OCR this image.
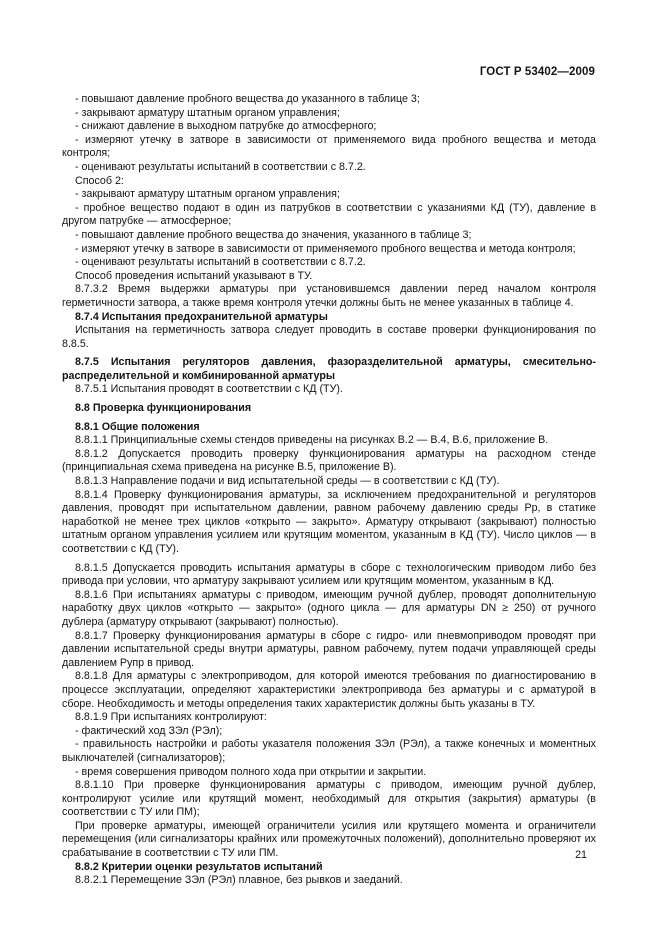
ГОСТ Р 53402—2009

- повышают давление пробного вещества до указанного в таблице 3;

- закрывают арматуру штатным органом управления;

- снижают давление в выходном патрубке до атмосферного;

- измеряют утечку в затворе в зависимости от применяемого вида пробного вещества и метода контроля;

- оценивают результаты испытаний в соответствии с 8.7.2.

Способ 2:

- закрывают арматуру штатным органом управления;

- пробное вещество подают в один из патрубков в соответствии с указаниями КД (ТУ), давление в другом патрубке — атмосферное;

- повышают давление пробного вещества до значения, указанного в таблице 3;

- измеряют утечку в затворе в зависимости от применяемого пробного вещества и метода контроля;

- оценивают результаты испытаний в соответствии с 8.7.2.

Способ проведения испытаний указывают в ТУ.

8.7.3.2 Время выдержки арматуры при установившемся давлении перед началом контроля герметичности затвора, а также время контроля утечки должны быть не менее указанных в таблице 4.

8.7.4 Испытания предохранительной арматуры

Испытания на герметичность затвора следует проводить в составе проверки функционирования по 8.8.5.

8.7.5 Испытания регуляторов давления, фазоразделительной арматуры, смесительно-распределительной и комбинированной арматуры

8.7.5.1 Испытания проводят в соответствии с КД (ТУ).

8.8 Проверка функционирования

8.8.1 Общие положения

8.8.1.1 Принципиальные схемы стендов приведены на рисунках В.2 — В.4, В.6, приложение В.

8.8.1.2 Допускается проводить проверку функционирования арматуры на расходном стенде (принципиальная схема приведена на рисунке В.5, приложение В).

8.8.1.3 Направление подачи и вид испытательной среды — в соответствии с КД (ТУ).

8.8.1.4 Проверку функционирования арматуры, за исключением предохранительной и регуляторов давления, проводят при испытательном давлении, равном рабочему давлению среды Pр, в статике наработкой не менее трех циклов «открыто — закрыто». Арматуру открывают (закрывают) полностью штатным органом управления усилием или крутящим моментом, указанным в КД (ТУ). Число циклов — в соответствии с КД (ТУ).

8.8.1.5 Допускается проводить испытания арматуры в сборе с технологическим приводом либо без привода при условии, что арматуру закрывают усилием или крутящим моментом, указанным в КД.

8.8.1.6 При испытаниях арматуры с приводом, имеющим ручной дублер, проводят дополнительную наработку двух циклов «открыто — закрыто» (одного цикла — для арматуры DN ≥ 250) от ручного дублера (арматуру открывают (закрывают) полностью).

8.8.1.7 Проверку функционирования арматуры в сборе с гидро- или пневмоприводом проводят при давлении испытательной среды внутри арматуры, равном рабочему, путем подачи управляющей среды давлением Pупр в привод.

8.8.1.8 Для арматуры с электроприводом, для которой имеются требования по диагностированию в процессе эксплуатации, определяют характеристики электропривода без арматуры и с арматурой в сборе. Необходимость и методы определения таких характеристик должны быть указаны в ТУ.

8.8.1.9 При испытаниях контролируют:

- фактический ход ЗЭл (РЭл);

- правильность настройки и работы указателя положения ЗЭл (РЭл), а также конечных и моментных выключателей (сигнализаторов);

- время совершения приводом полного хода при открытии и закрытии.

8.8.1.10 При проверке функционирования арматуры с приводом, имеющим ручной дублер, контролируют усилие или крутящий момент, необходимый для открытия (закрытия) арматуры (в соответствии с ТУ или ПМ);

При проверке арматуры, имеющей ограничители усилия или крутящего момента и ограничители перемещения (или сигнализаторы крайних или промежуточных положений), дополнительно проверяют их срабатывание в соответствии с ТУ или ПМ.

8.8.2 Критерии оценки результатов испытаний

8.8.2.1 Перемещение ЗЭл (РЭл) плавное, без рывков и заеданий.

21
